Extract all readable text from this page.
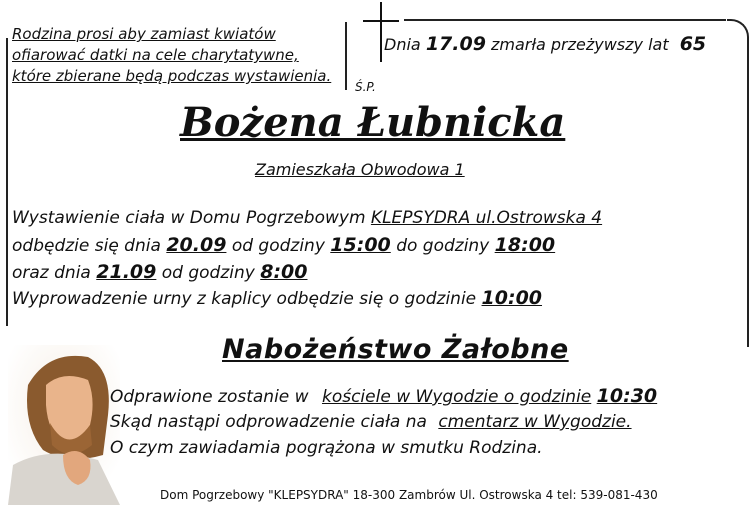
Rodzina prosi aby zamiast kwiatów

ofiarować datki na cele charytatywne,

które zbierane będą podczas wystawienia.

Dnia 17.09 zmarła przeżywszy lat 65
Ś.P.
Bożena Łubnicka
Zamieszkała Obwodowa 1
Wystawienie ciała w Domu Pogrzebowym KLEPSYDRA ul.Ostrowska 4
odbędzie się dnia 20.09 od godziny 15:00 do godziny 18:00
oraz dnia 21.09 od godziny 8:00
Wyprowadzenie urny z kaplicy odbędzie się o godzinie 10:00
Nabożeństwo Żałobne
Odprawione zostanie w kościele w Wygodzie o godzinie 10:30
Skąd nastąpi odprowadzenie ciała na cmentarz w Wygodzie.
O czym zawiadamia pogrążona w smutku Rodzina.
Dom Pogrzebowy "KLEPSYDRA" 18-300 Zambrów Ul. Ostrowska 4 tel: 539-081-430
